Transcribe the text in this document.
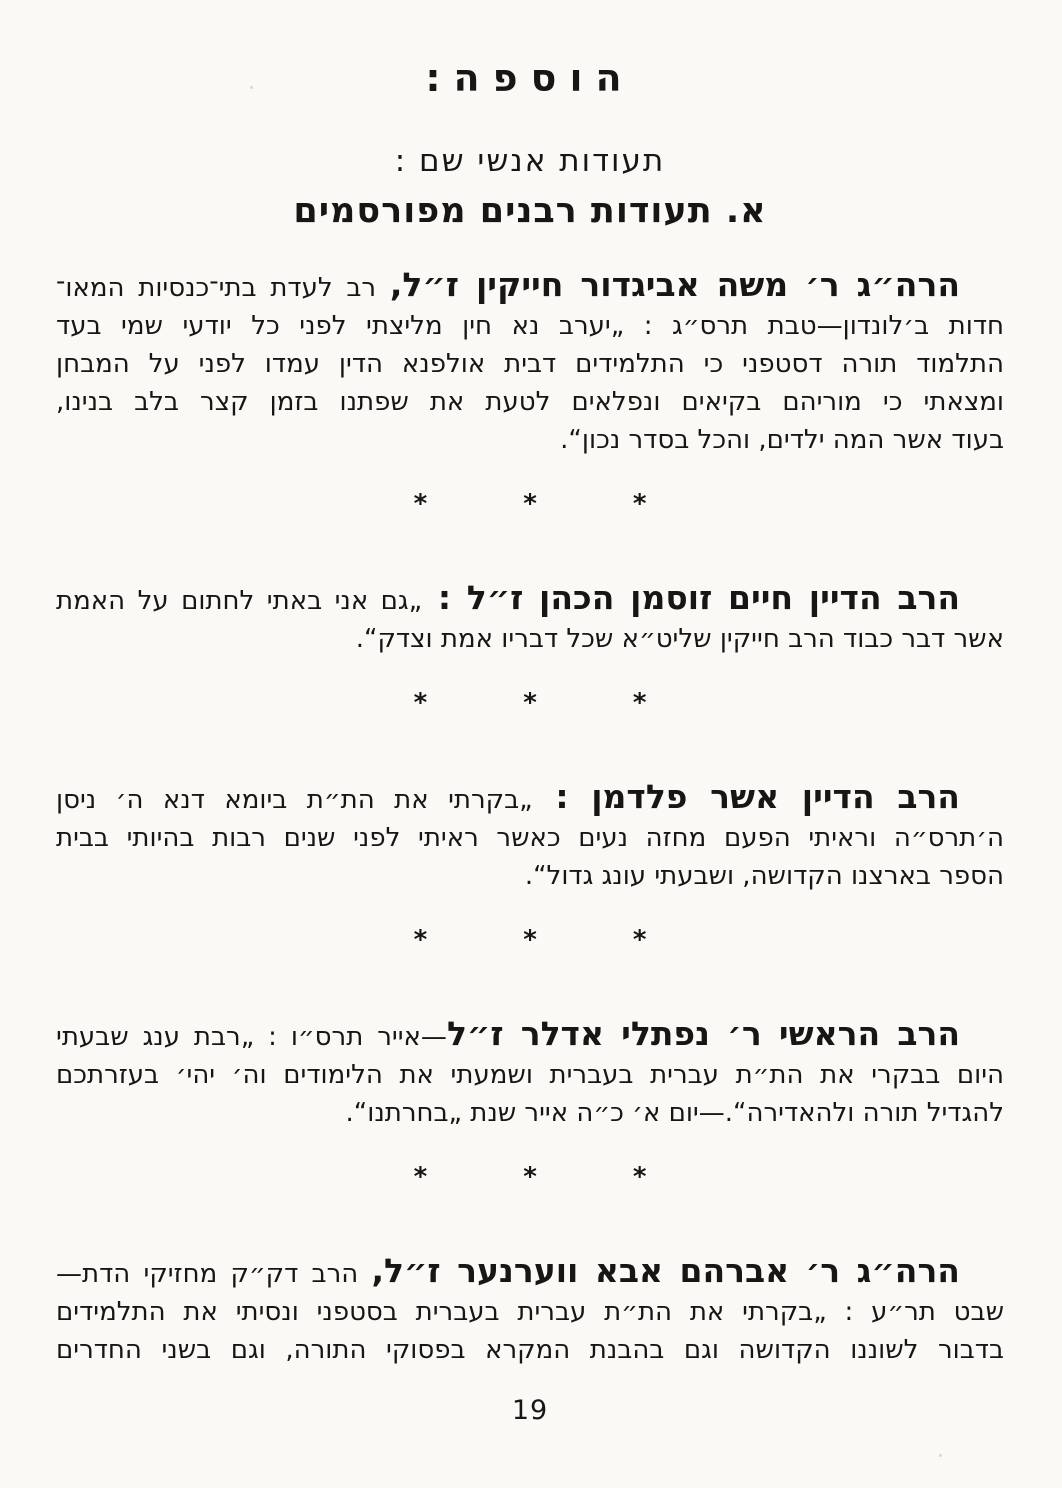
הוספה:
תעודות אנשי שם :
א. תעודות רבנים מפורסמים
הרה״ג ר׳ משה אביגדור חייקין ז״ל, רב לעדת בתי־כנסיות המאו־
חדות ב׳לונדון—טבת תרס״ג : „יערב נא חין מליצתי לפני כל יודעי שמי בעד
התלמוד תורה דסטפני כי התלמידים דבית אולפנא הדין עמדו לפני על המבחן
ומצאתי כי מוריהם בקיאים ונפלאים לטעת את שפתנו בזמן קצר בלב בנינו,
בעוד אשר המה ילדים, והכל בסדר נכון“.
*
*
*
הרב הדיין חיים זוסמן הכהן ז״ל : „גם אני באתי לחתום על האמת
אשר דבר כבוד הרב חייקין שליט״א שכל דבריו אמת וצדק“.
*
*
*
הרב הדיין אשר פלדמן : „בקרתי את הת״ת ביומא דנא ה׳ ניסן
ה׳תרס״ה וראיתי הפעם מחזה נעים כאשר ראיתי לפני שנים רבות בהיותי בבית
הספר בארצנו הקדושה, ושבעתי עונג גדול“.
*
*
*
הרב הראשי ר׳ נפתלי אדלר ז״ל—אייר תרס״ו : „רבת ענג שבעתי
היום בבקרי את הת״ת עברית בעברית ושמעתי את הלימודים וה׳ יהי׳ בעזרתכם
להגדיל תורה ולהאדירה“.—יום א׳ כ״ה אייר שנת „בחרתנו“.
*
*
*
הרה״ג ר׳ אברהם אבא ווערנער ז״ל, הרב דק״ק מחזיקי הדת—
שבט תר״ע : „בקרתי את הת״ת עברית בעברית בסטפני ונסיתי את התלמידים
בדבור לשוננו הקדושה וגם בהבנת המקרא בפסוקי התורה, וגם בשני החדרים
19
